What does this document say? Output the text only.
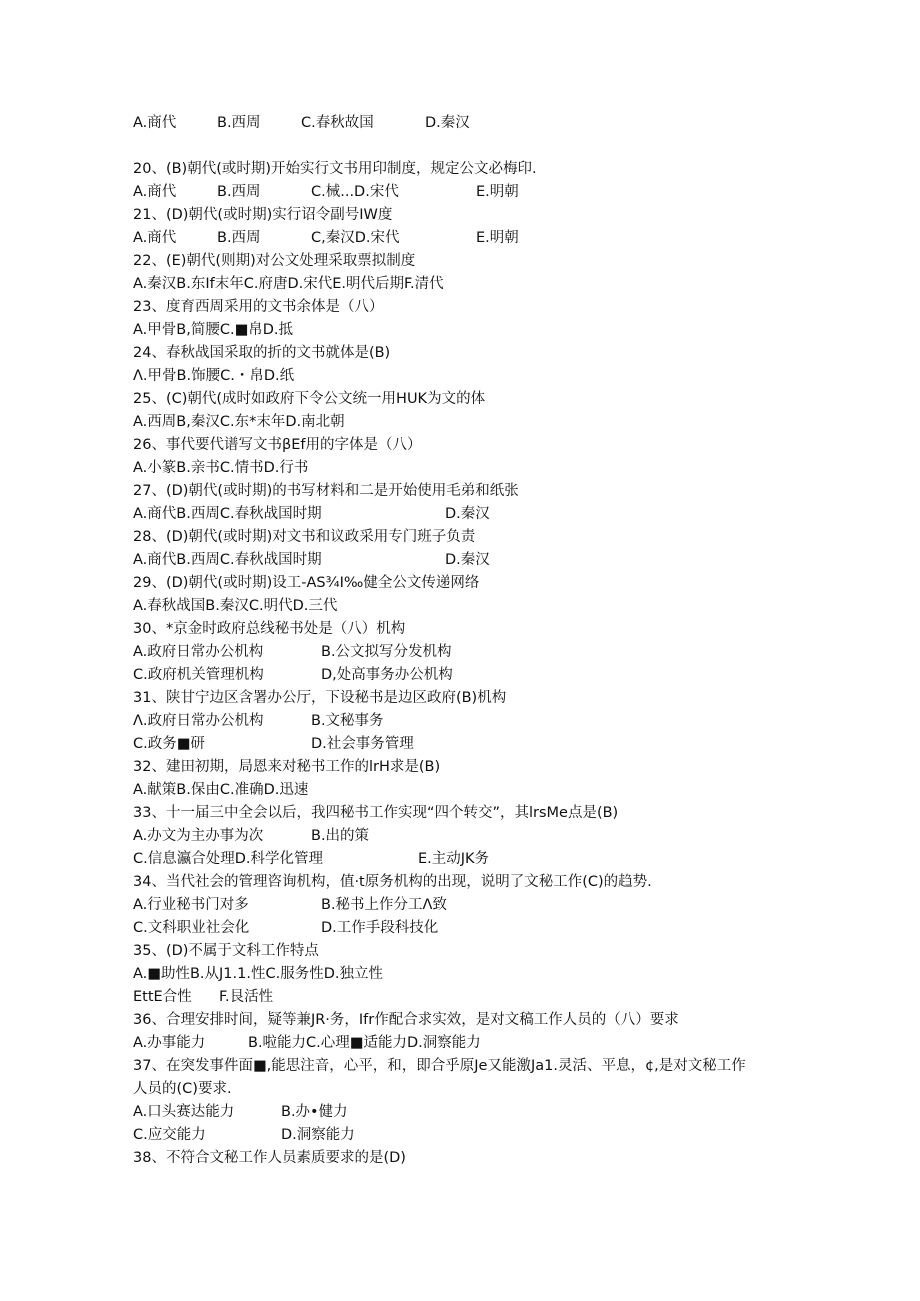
A.商代	B.西周	C.春秋故国	D.秦汉
20、(B)朝代(或时期)开始实行文书用印制度，规定公文必梅印.
A.商代	B.西周	C.械...D.宋代	E.明朝
21、(D)朝代(或时期)实行诏令副号IW度
A.商代	B.西周	C,秦汉D.宋代	E.明朝
22、(E)朝代(则期)对公文处理采取票拟制度
A.秦汉B.东If末年C.府唐D.宋代E.明代后期F.清代
23、度育西周采用的文书余体是（八）
A.甲骨B,简腰C.■帛D.抵
24、春秋战国采取的折的文书就体是(B)
Λ.甲骨B.饰腰C.・帛D.纸
25、(C)朝代(成时如政府下令公文统一用HUK为文的体
A.西周B,秦汉C.东*末年D.南北朝
26、事代要代谱写文书βEf用的字体是（八）
A.小篆B.亲书C.情书D.行书
27、(D)朝代(或时期)的书写材料和二是开始使用毛弟和纸张
A.商代B.西周C.春秋战国时期	D.秦汉
28、(D)朝代(或时期)对文书和议政采用专门班子负责
A.商代B.西周C.春秋战国时期	D.秦汉
29、(D)朝代(或时期)设工-AS¾I‰健全公文传递网络
A.春秋战国B.秦汉C.明代D.三代
30、*京金时政府总线秘书处是（八）机构
A.政府日常办公机构	B.公文拟写分发机构
C.政府机关管理机构	D,处高事务办公机构
31、陕甘宁边区含署办公厅，下设秘书是边区政府(B)机构
Λ.政府日常办公机构	B.文秘事务
C.政务■研	D.社会事务管理
32、建田初期，局恩来对秘书工作的lrH求是(B)
A.献策B.保由C.准确D.迅速
33、十一届三中全会以后，我四秘书工作实现“四个转交”，其lrsMe点是(B)
A.办文为主办事为次	B.出的策
C.信息瀛合处理D.科学化管理	E.主动JK务
34、当代社会的管理咨询机构，值·t原务机构的出现，说明了文秘工作(C)的趋势.
A.行业秘书门对多	B.秘书上作分工Λ致
C.文科职业社会化	D.工作手段科技化
35、(D)不属于文科工作特点
A.■助性B.从J1.1.性C.服务性D.独立性
EttE合性 F.艮活性
36、合理安排时间，疑等兼JR·务，Ifr作配合求实效，是对文稿工作人员的（八）要求
A.办事能力	B.啦能力C.心理■适能力D.洞察能力
37、在突发事件面■,能思注音，心平，和，即合乎原Je又能激Ja1.灵活、平息，¢,是对文秘工作
人员的(C)要求.
A.口头赛达能力	B.办•健力
C.应交能力	D.洞察能力
38、不符合文秘工作人员素质要求的是(D)
